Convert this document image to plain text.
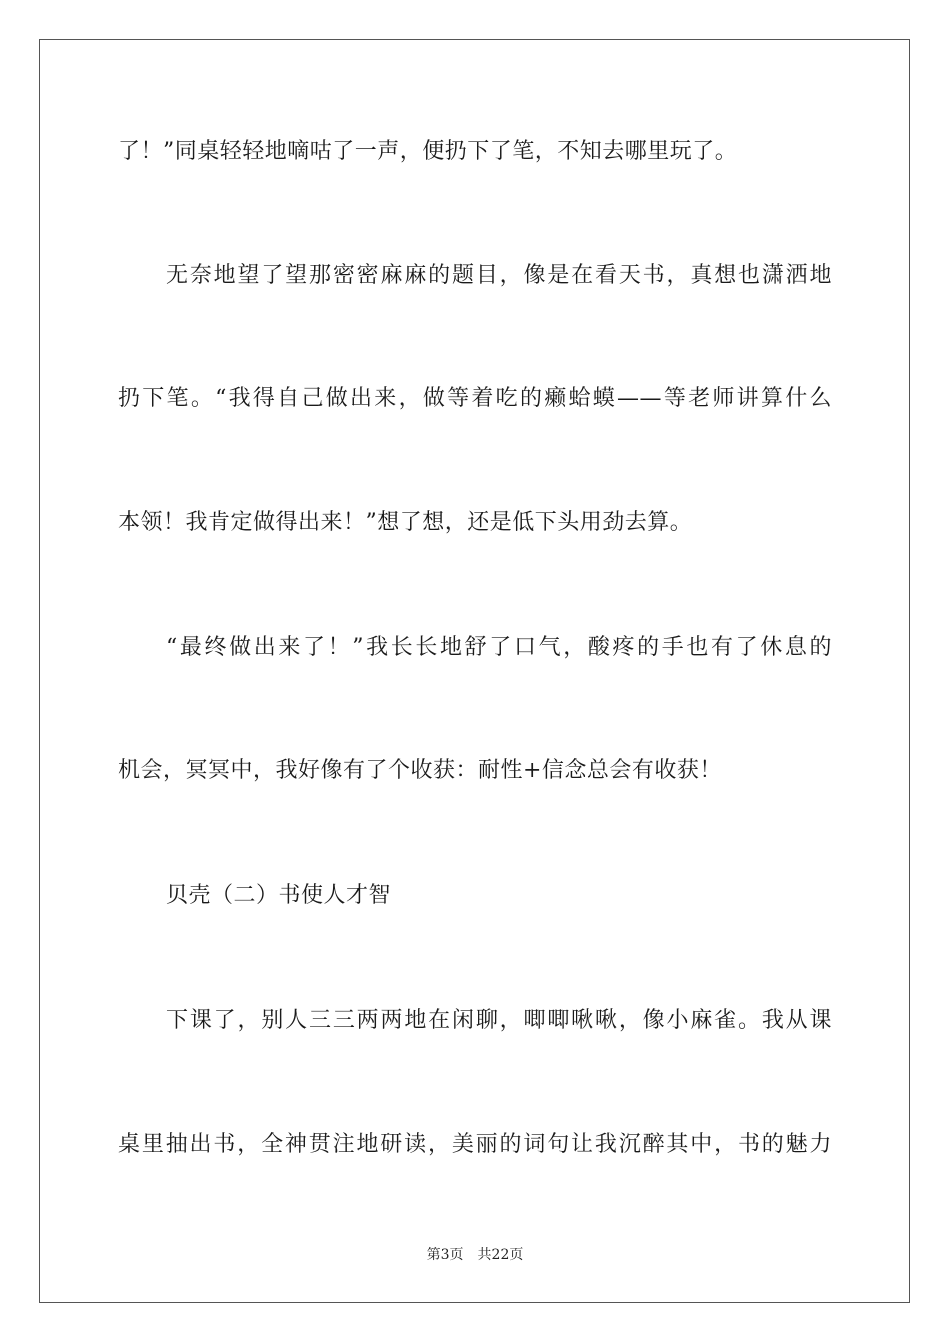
了！”同桌轻轻地嘀咕了一声，便扔下了笔，不知去哪里玩了。
无奈地望了望那密密麻麻的题目，像是在看天书，真想也潇洒地
扔下笔。“我得自己做出来，做等着吃的癞蛤蟆——等老师讲算什么
本领！我肯定做得出来！”想了想，还是低下头用劲去算。
“最终做出来了！”我长长地舒了口气，酸疼的手也有了休息的
机会，冥冥中，我好像有了个收获：耐性+信念总会有收获！
贝壳（二）书使人才智
下课了，别人三三两两地在闲聊，唧唧啾啾，像小麻雀。我从课
桌里抽出书，全神贯注地研读，美丽的词句让我沉醉其中，书的魅力
第3页 共22页
